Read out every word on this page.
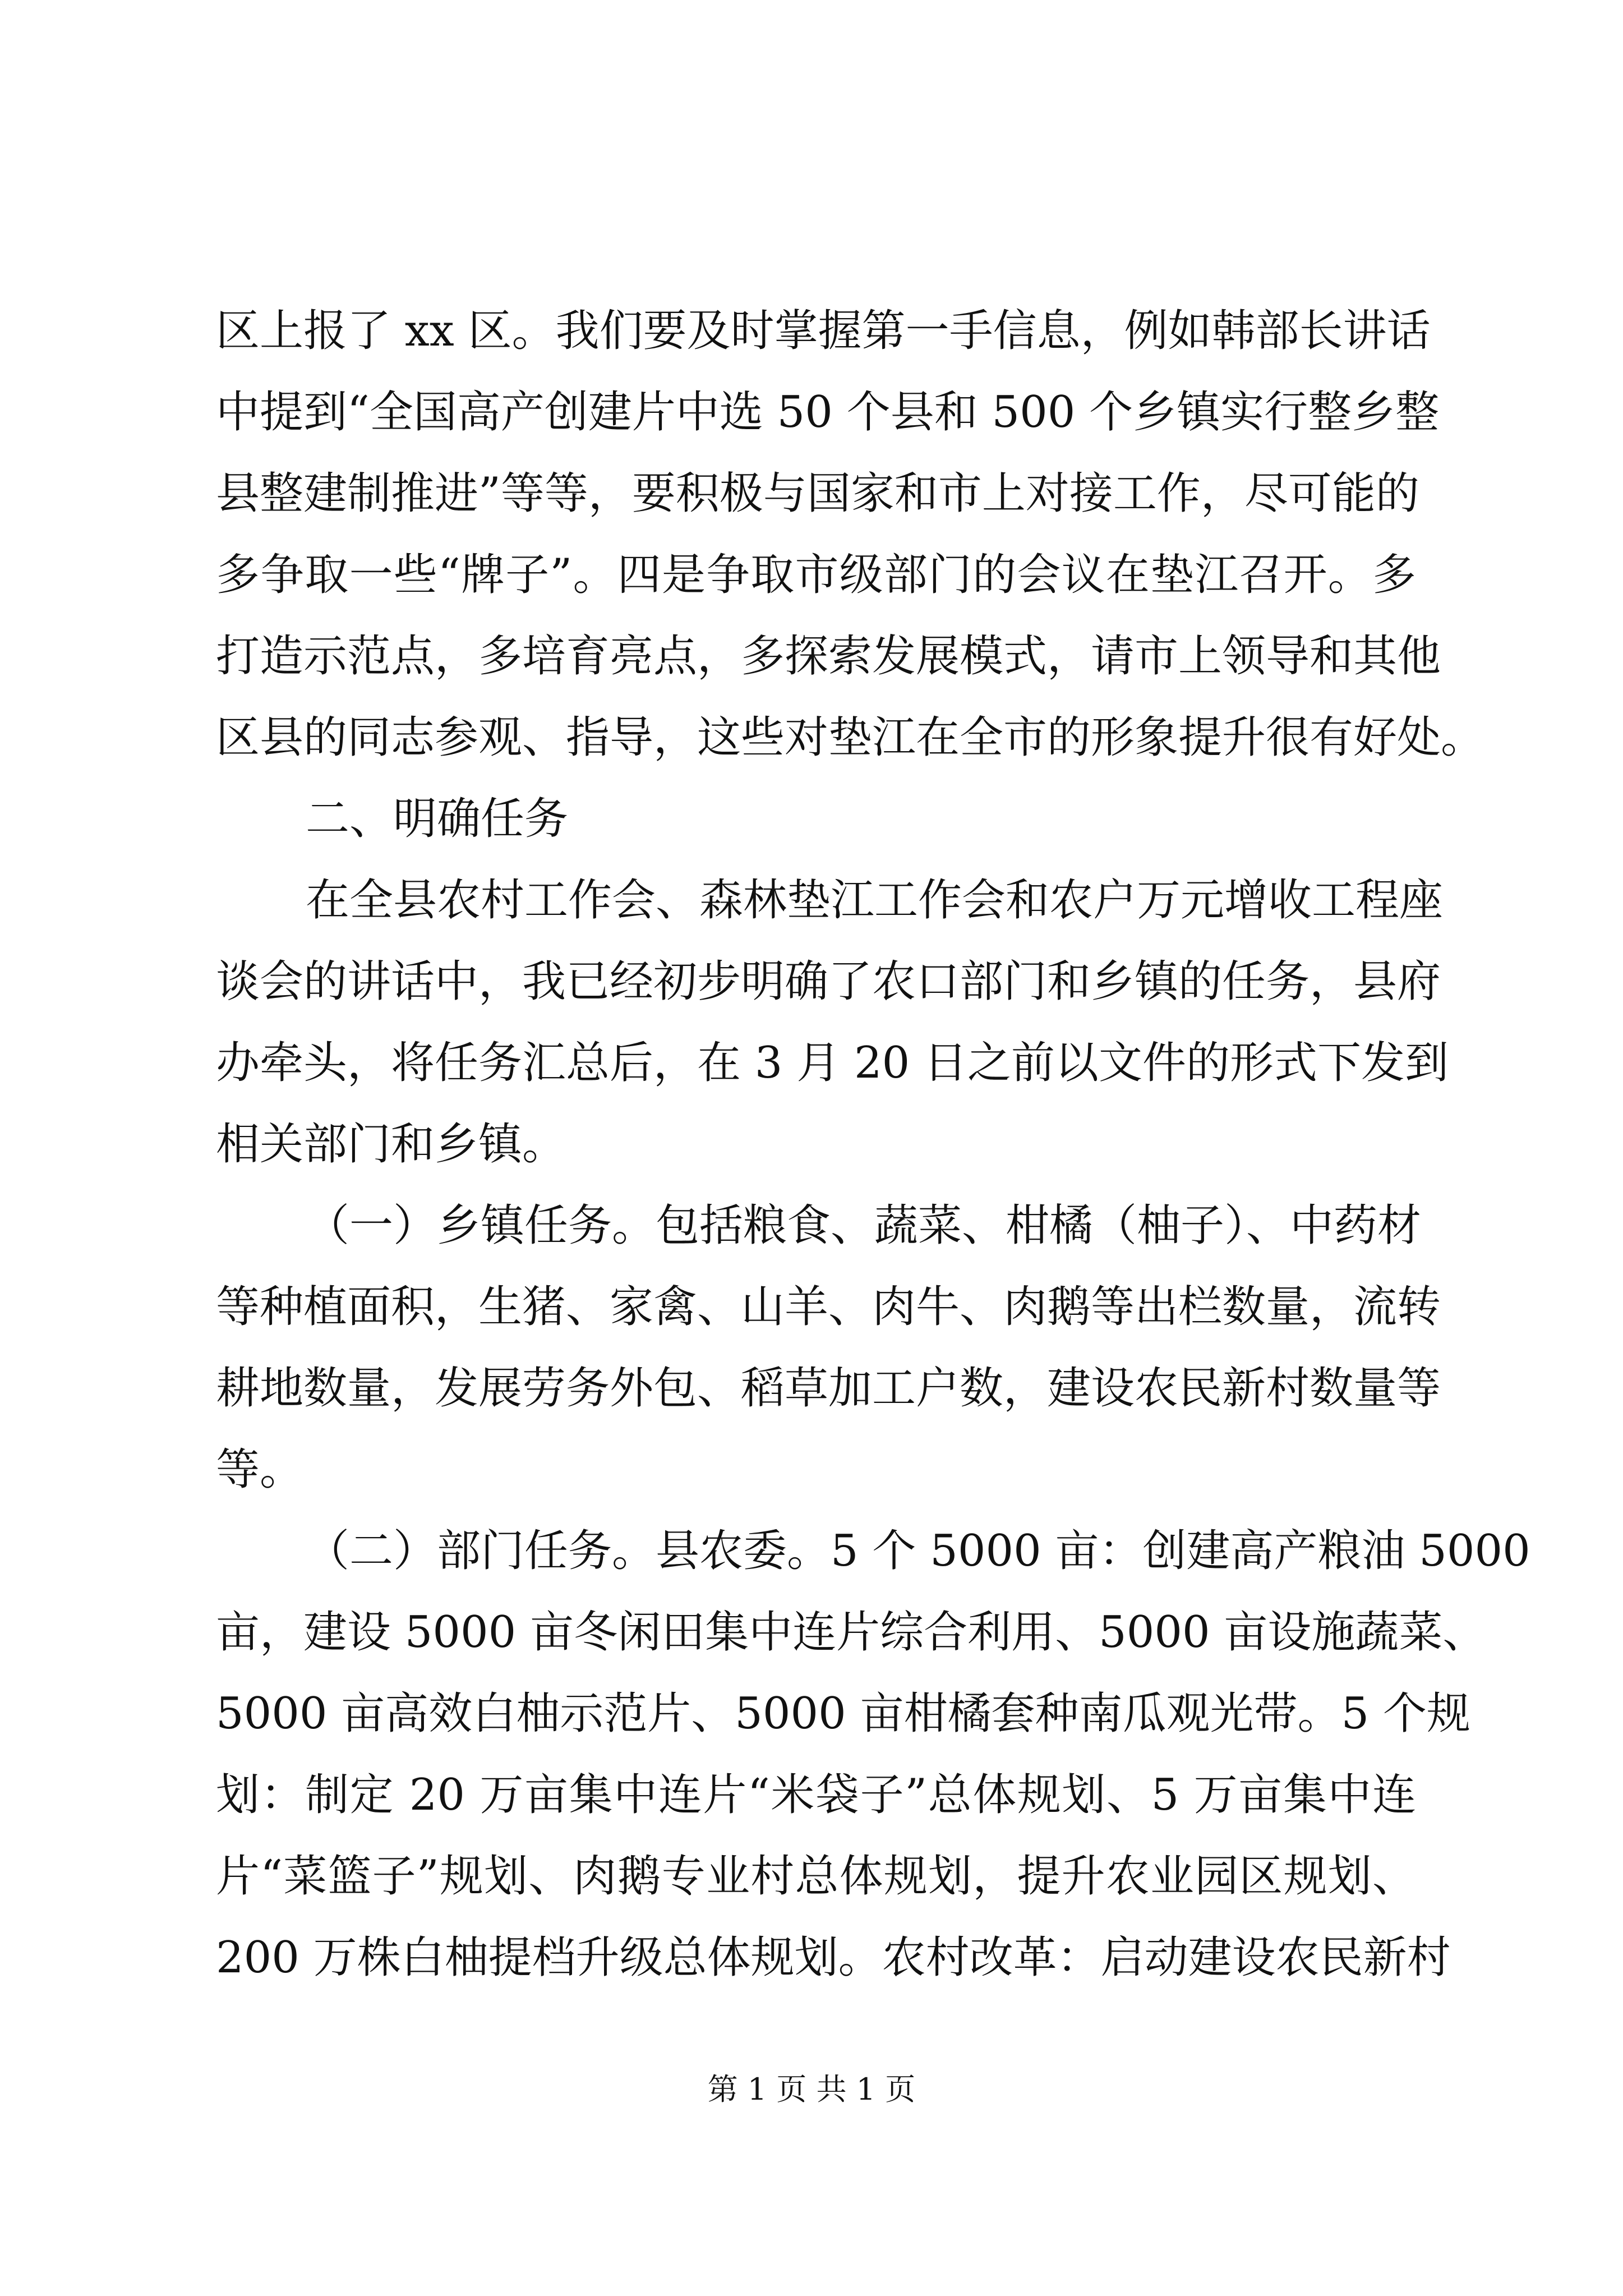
区上报了 xx 区。我们要及时掌握第一手信息，例如韩部长讲话
中提到“全国高产创建片中选 50 个县和 500 个乡镇实行整乡整
县整建制推进”等等，要积极与国家和市上对接工作，尽可能的
多争取一些“牌子”。四是争取市级部门的会议在垫江召开。多
打造示范点，多培育亮点，多探索发展模式，请市上领导和其他
区县的同志参观、指导，这些对垫江在全市的形象提升很有好处。
二、明确任务
在全县农村工作会、森林垫江工作会和农户万元增收工程座
谈会的讲话中，我已经初步明确了农口部门和乡镇的任务，县府
办牵头，将任务汇总后，在 3 月 20 日之前以文件的形式下发到
相关部门和乡镇。
（一）乡镇任务。包括粮食、蔬菜、柑橘（柚子）、中药材
等种植面积，生猪、家禽、山羊、肉牛、肉鹅等出栏数量，流转
耕地数量，发展劳务外包、稻草加工户数，建设农民新村数量等
等。
（二）部门任务。县农委。5 个 5000 亩：创建高产粮油 5000
亩，建设 5000 亩冬闲田集中连片综合利用、5000 亩设施蔬菜、
5000 亩高效白柚示范片、5000 亩柑橘套种南瓜观光带。5 个规
划：制定 20 万亩集中连片“米袋子”总体规划、5 万亩集中连
片“菜篮子”规划、肉鹅专业村总体规划，提升农业园区规划、
200 万株白柚提档升级总体规划。农村改革：启动建设农民新村
第 1 页 共 1 页
